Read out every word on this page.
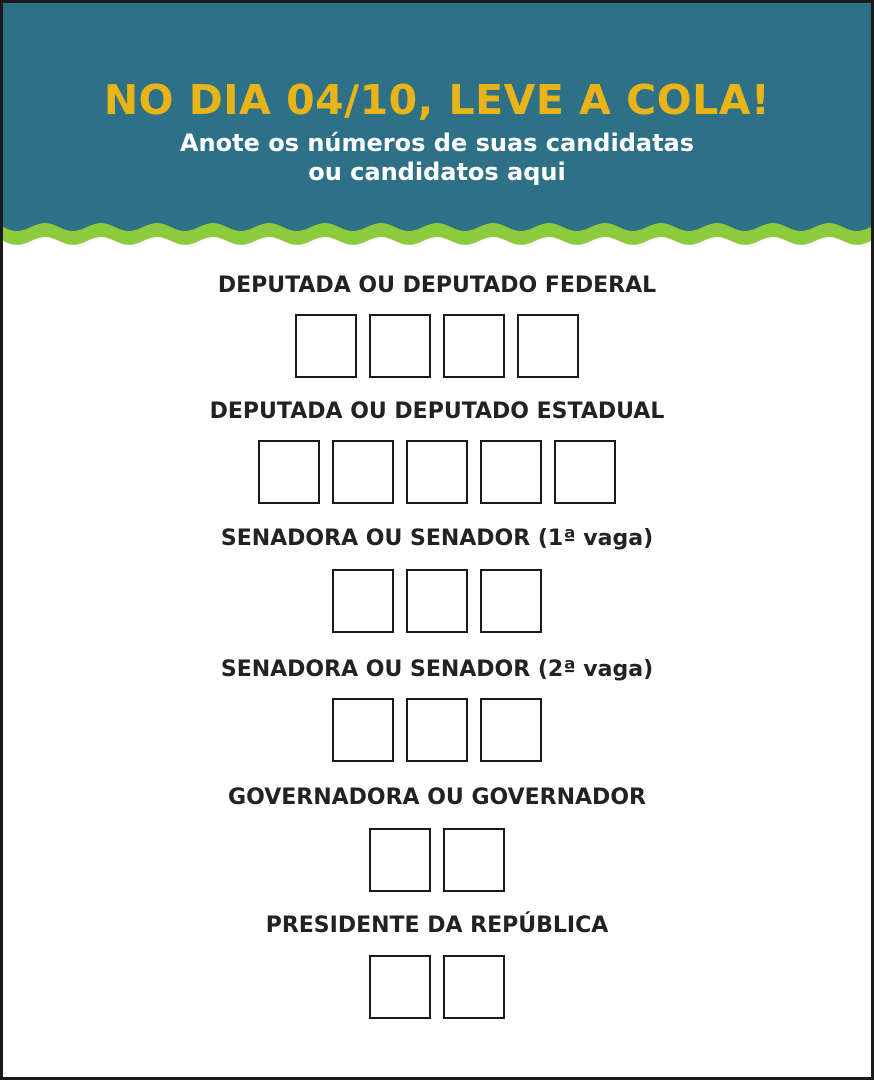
NO DIA 04/10, LEVE A COLA!
Anote os números de suas candidatas
ou candidatos aqui
DEPUTADA OU DEPUTADO FEDERAL
DEPUTADA OU DEPUTADO ESTADUAL
SENADORA OU SENADOR (1ª vaga)
SENADORA OU SENADOR (2ª vaga)
GOVERNADORA OU GOVERNADOR
PRESIDENTE DA REPÚBLICA
